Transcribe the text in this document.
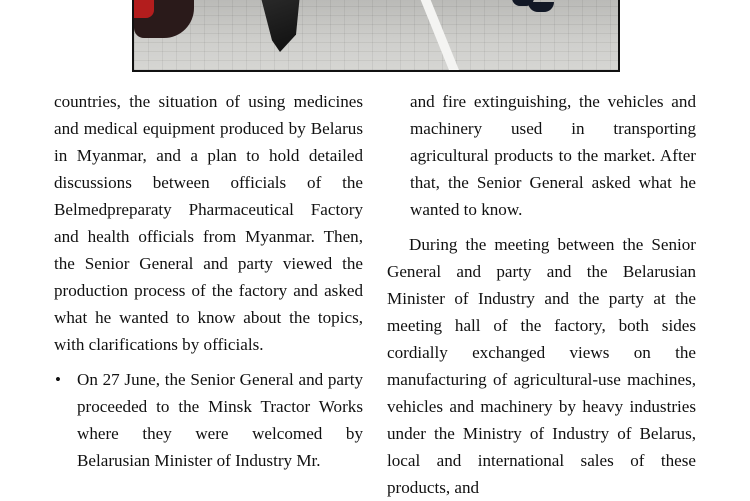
countries, the situation of using medicines and medical equipment produced by Belarus in Myanmar, and a plan to hold detailed discussions between officials of the Belmedpreparaty Pharmaceutical Factory and health officials from Myanmar. Then, the Senior General and party viewed the production process of the factory and asked what he wanted to know about the topics, with clarifications by officials.

• On 27 June, the Senior General and party proceeded to the Minsk Tractor Works where they were welcomed by Belarusian Minister of Industry Mr.

and fire extinguishing, the vehicles and machinery used in transporting agricultural products to the market. After that, the Senior General asked what he wanted to know.

During the meeting between the Senior General and party and the Belarusian Minister of Industry and the party at the meeting hall of the factory, both sides cordially exchanged views on the manufacturing of agricultural-use machines, vehicles and machinery by heavy industries under the Ministry of Industry of Belarus, local and international sales of these products, and
